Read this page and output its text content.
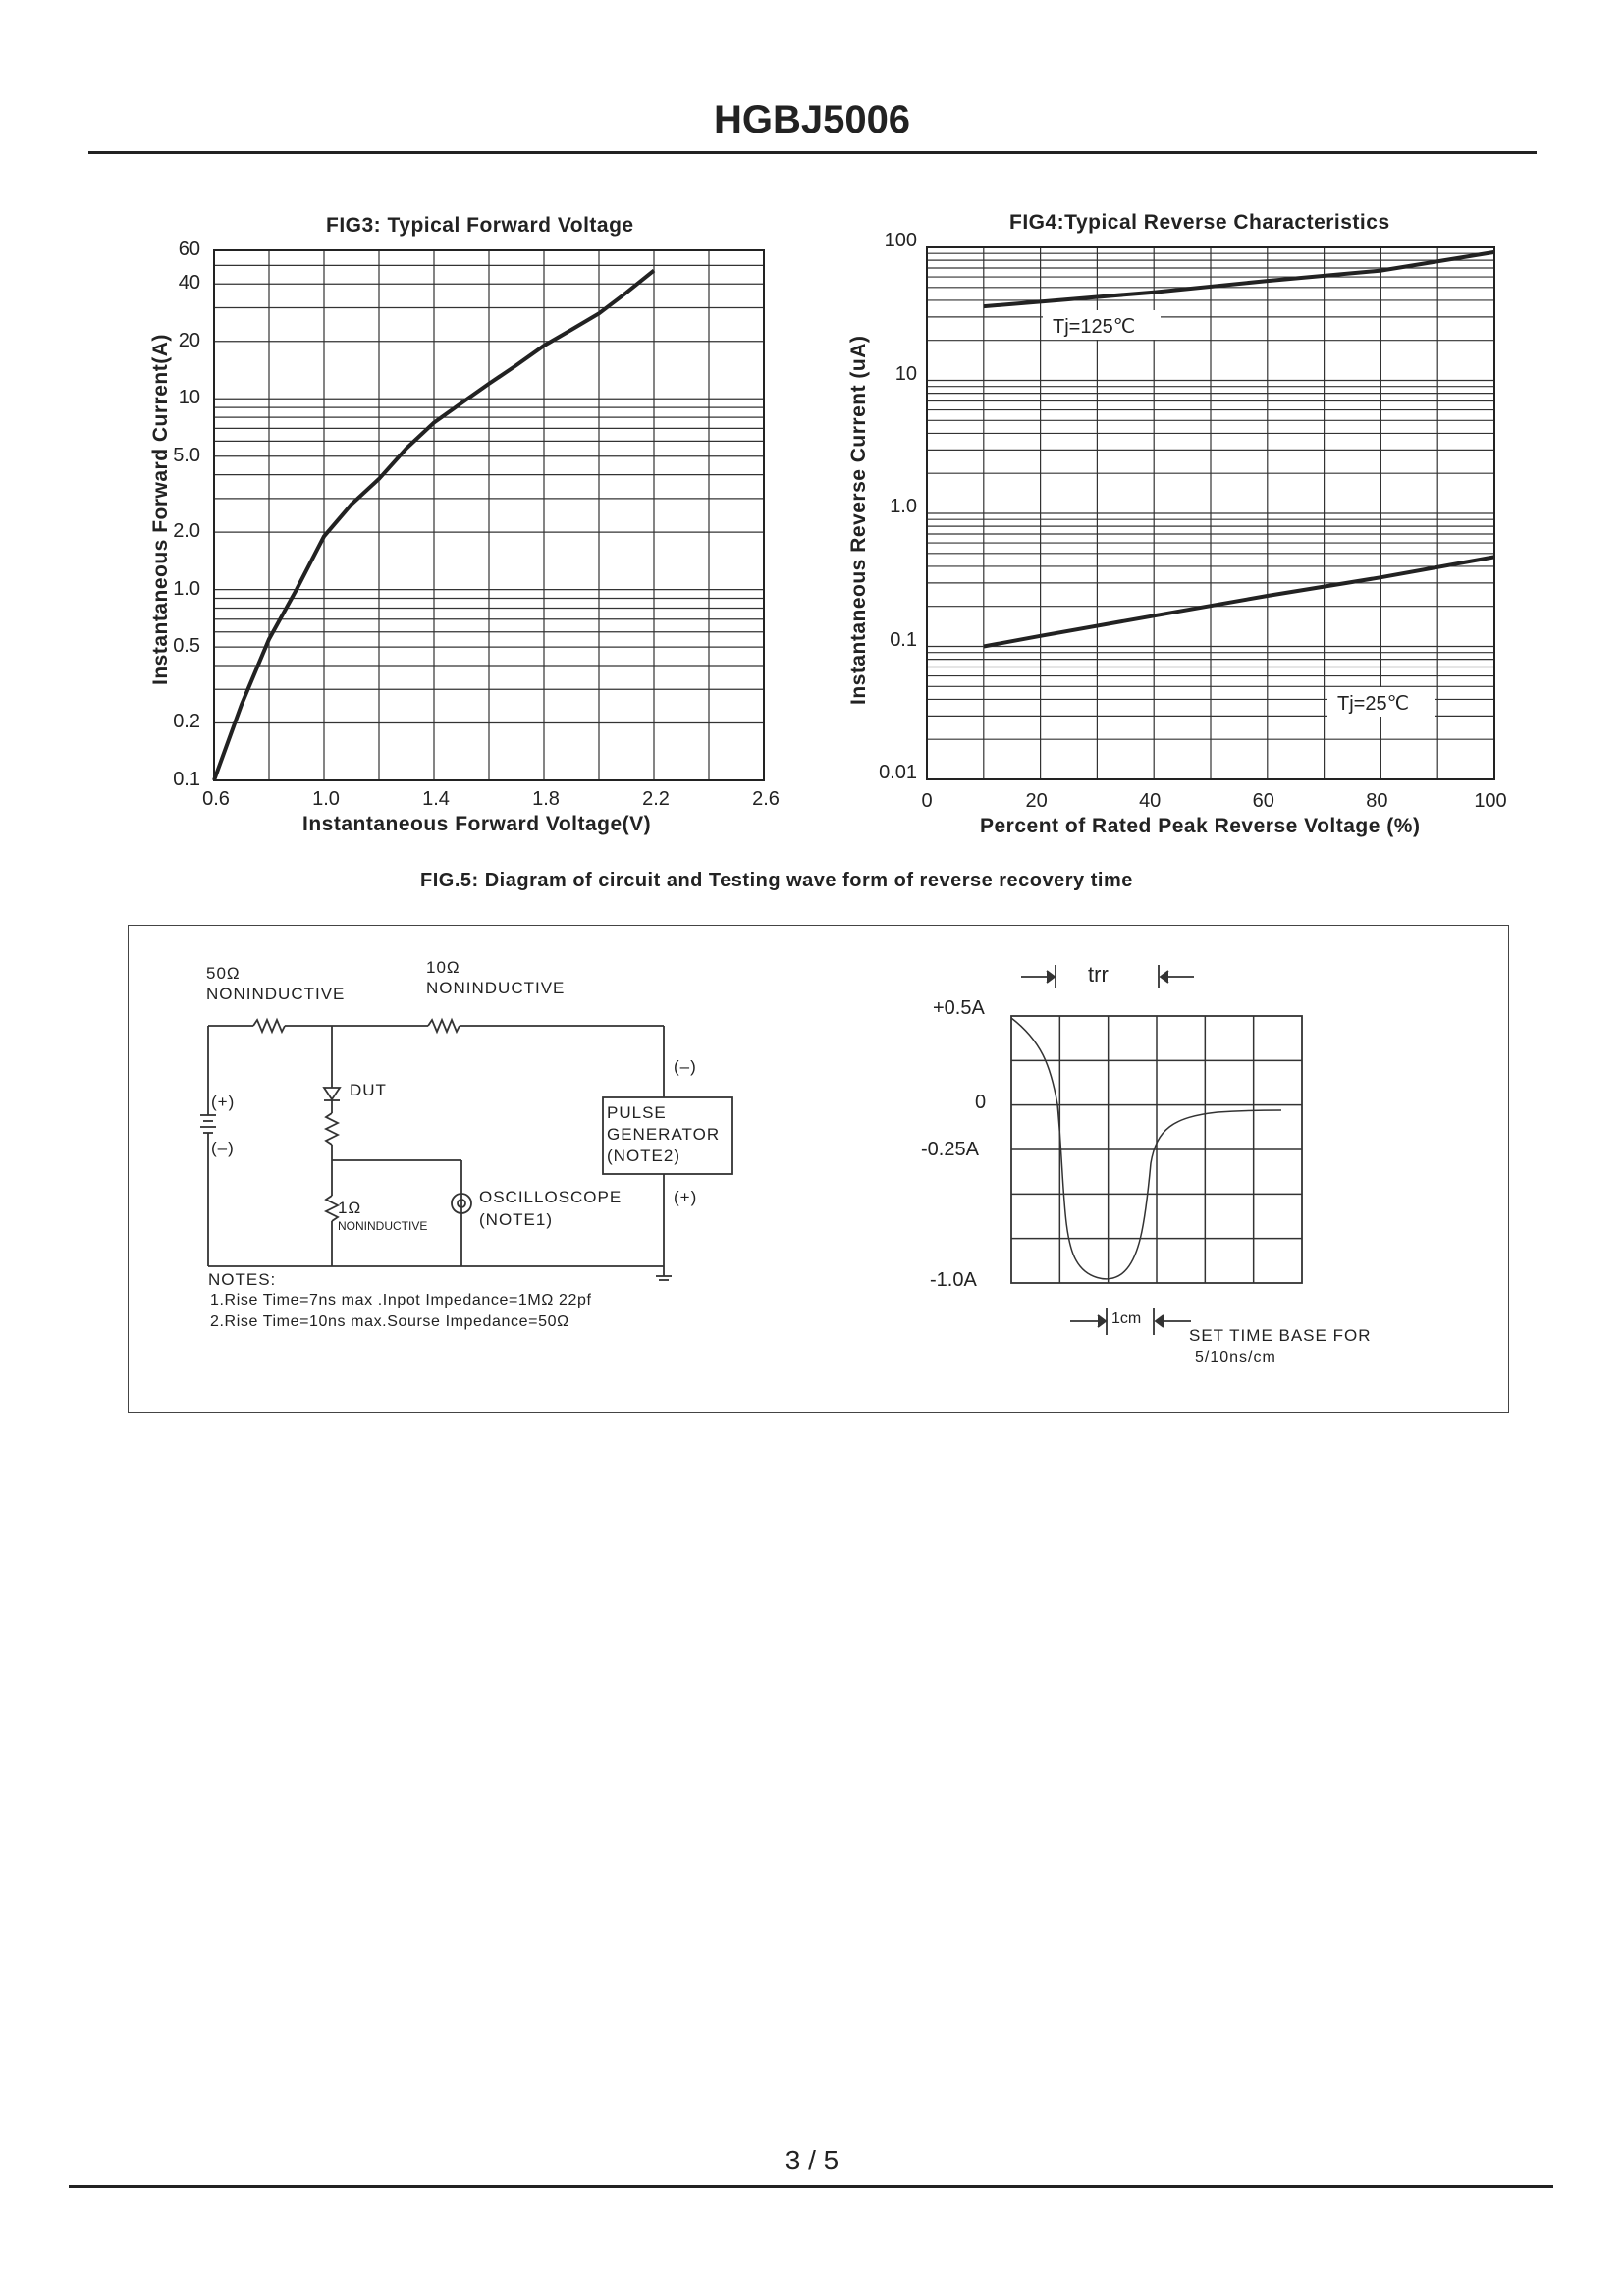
HGBJ5006
FIG3: Typical Forward Voltage
0.1
0.2
0.5
1.0
2.0
5.0
10
20
40
60
0.6	1.0	1.4	1.8	2.2	2.6
Instantaneous Forward Current(A)
Instantaneous Forward Voltage(V)
FIG4:Typical Reverse Characteristics
0.01
0.1
1.0
10
100
0	20	40	60	80	100
Tj=125℃
Tj=25℃
Instantaneous Reverse Current (uA)
Percent of Rated Peak Reverse Voltage (%)
FIG.5: Diagram of circuit and Testing wave form of reverse recovery time
50Ω
NONINDUCTIVE
10Ω
NONINDUCTIVE
DUT
(+)
(–)
1Ω
NONINDUCTIVE
PULSE
GENERATOR
(NOTE2)
(–)
(+)
OSCILLOSCOPE
(NOTE1)
NOTES:
1.Rise Time=7ns max .Inpot Impedance=1MΩ 22pf
2.Rise Time=10ns max.Sourse Impedance=50Ω
trr
+0.5A
0
-0.25A
-1.0A
1cm
SET TIME BASE FOR
5/10ns/cm
3 / 5
